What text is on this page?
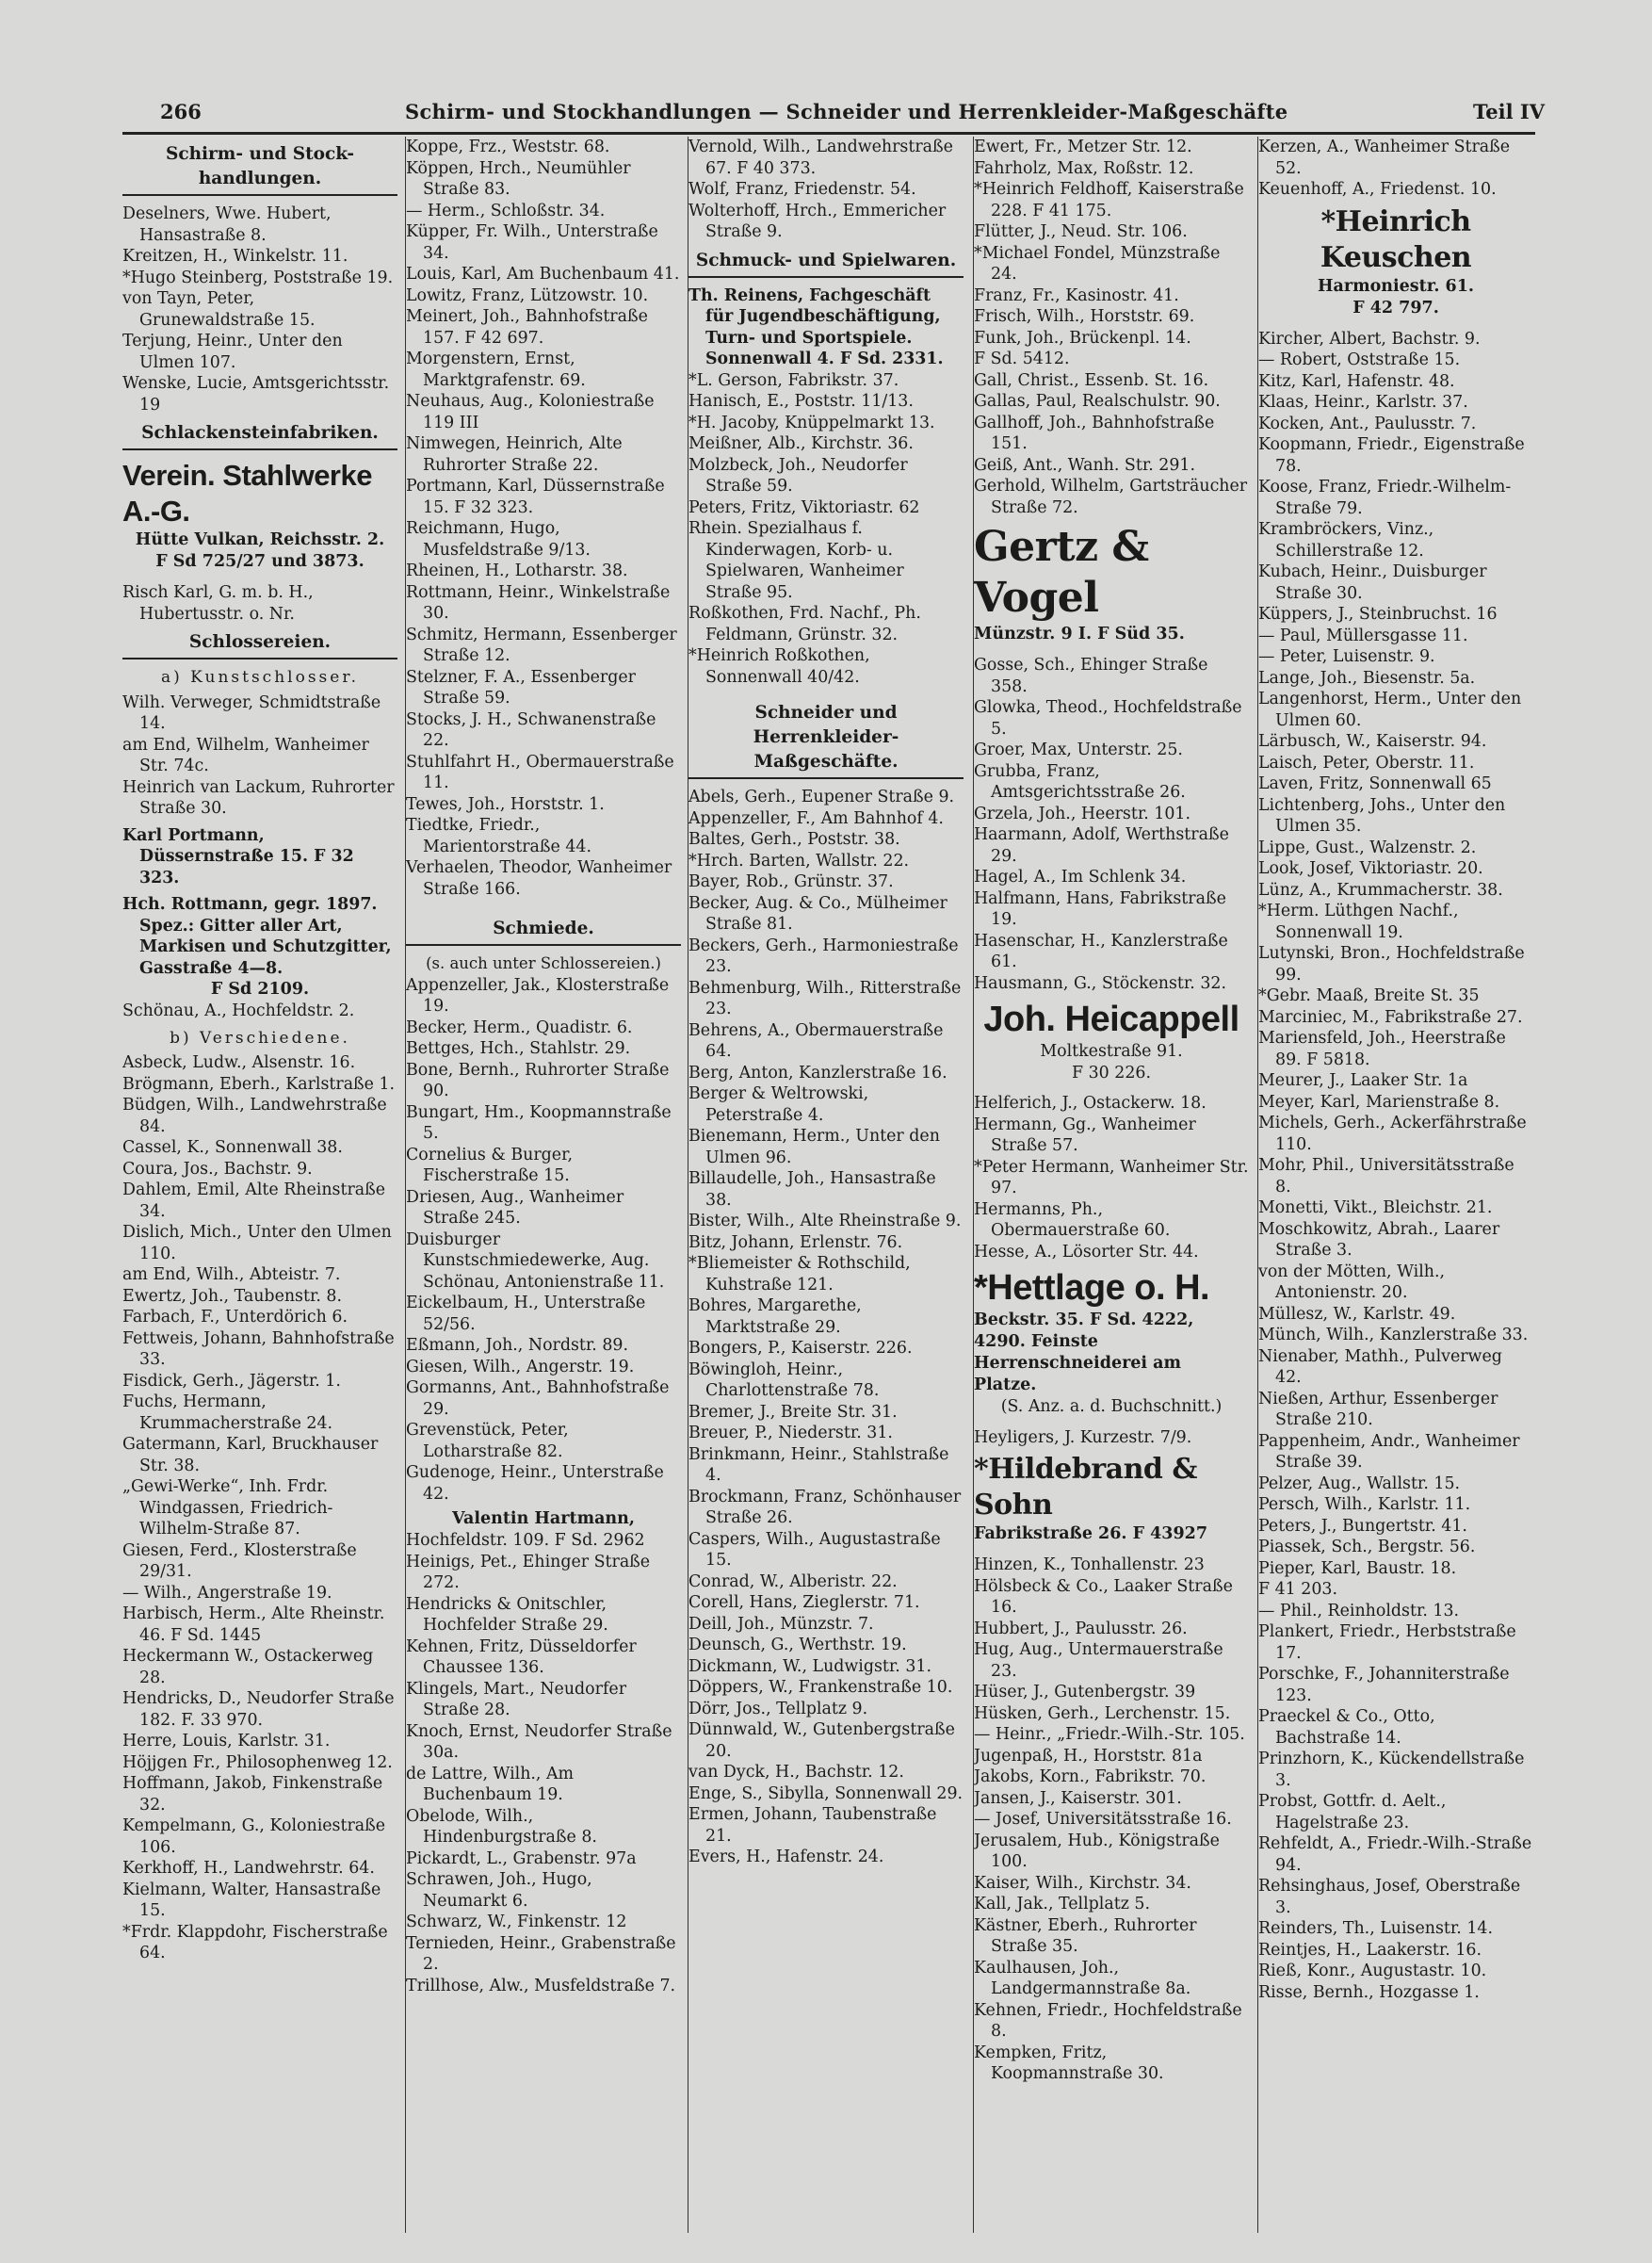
266	Schirm- und Stockhandlungen — Schneider und Herrenkleider-Maßgeschäfte	Teil IV
Schirm- und Stock-handlungen.
Deselners, Wwe. Hubert, Hansastraße 8.
Kreitzen, H., Winkelstr. 11.
*Hugo Steinberg, Poststraße 19.
von Tayn, Peter, Grunewaldstraße 15.
Terjung, Heinr., Unter den Ulmen 107.
Wenske, Lucie, Amtsgerichtsstr. 19
Schlackensteinfabriken.
Verein. Stahlwerke A.-G.
Hütte Vulkan, Reichsstr. 2.
F Sd 725/27 und 3873.
Risch Karl, G. m. b. H., Hubertusstr. o. Nr.
Schlossereien.
a) Kunstschlosser.
Wilh. Verweger, Schmidtstraße 14.
am End, Wilhelm, Wanheimer Str. 74c.
Heinrich van Lackum, Ruhrorter Straße 30.
Karl Portmann, Düssernstraße 15. F 32 323.
Hch. Rottmann, gegr. 1897. Spez.: Gitter aller Art, Markisen und Schutzgitter, Gasstraße 4—8.
F Sd 2109.
Schönau, A., Hochfeldstr. 2.
b) Verschiedene.
Asbeck, Ludw., Alsenstr. 16.
Brögmann, Eberh., Karlstraße 1.
Büdgen, Wilh., Landwehrstraße 84.
Cassel, K., Sonnenwall 38.
Coura, Jos., Bachstr. 9.
Dahlem, Emil, Alte Rheinstraße 34.
Dislich, Mich., Unter den Ulmen 110.
am End, Wilh., Abteistr. 7.
Ewertz, Joh., Taubenstr. 8.
Farbach, F., Unterdörich 6.
Fettweis, Johann, Bahnhofstraße 33.
Fisdick, Gerh., Jägerstr. 1.
Fuchs, Hermann, Krummacherstraße 24.
Gatermann, Karl, Bruckhauser Str. 38.
„Gewi-Werke“, Inh. Frdr. Windgassen, Friedrich-Wilhelm-Straße 87.
Giesen, Ferd., Klosterstraße 29/31.
— Wilh., Angerstraße 19.
Harbisch, Herm., Alte Rheinstr. 46. F Sd. 1445
Heckermann W., Ostackerweg 28.
Hendricks, D., Neudorfer Straße 182. F. 33 970.
Herre, Louis, Karlstr. 31.
Höjjgen Fr., Philosophenweg 12.
Hoffmann, Jakob, Finkenstraße 32.
Kempelmann, G., Koloniestraße 106.
Kerkhoff, H., Landwehrstr. 64.
Kielmann, Walter, Hansastraße 15.
*Frdr. Klappdohr, Fischerstraße 64.
Koppe, Frz., Weststr. 68.
Köppen, Hrch., Neumühler Straße 83.
— Herm., Schloßstr. 34.
Küpper, Fr. Wilh., Unterstraße 34.
Louis, Karl, Am Buchenbaum 41.
Lowitz, Franz, Lützowstr. 10.
Meinert, Joh., Bahnhofstraße 157. F 42 697.
Morgenstern, Ernst, Marktgrafenstr. 69.
Neuhaus, Aug., Koloniestraße 119 III
Nimwegen, Heinrich, Alte Ruhrorter Straße 22.
Portmann, Karl, Düssernstraße 15. F 32 323.
Reichmann, Hugo, Musfeldstraße 9/13.
Rheinen, H., Lotharstr. 38.
Rottmann, Heinr., Winkelstraße 30.
Schmitz, Hermann, Essenberger Straße 12.
Stelzner, F. A., Essenberger Straße 59.
Stocks, J. H., Schwanenstraße 22.
Stuhlfahrt H., Obermauerstraße 11.
Tewes, Joh., Horststr. 1.
Tiedtke, Friedr., Marientorstraße 44.
Verhaelen, Theodor, Wanheimer Straße 166.
Schmiede.
(s. auch unter Schlossereien.)
Appenzeller, Jak., Klosterstraße 19.
Becker, Herm., Quadistr. 6.
Bettges, Hch., Stahlstr. 29.
Bone, Bernh., Ruhrorter Straße 90.
Bungart, Hm., Koopmannstraße 5.
Cornelius & Burger, Fischerstraße 15.
Driesen, Aug., Wanheimer Straße 245.
Duisburger Kunstschmiedewerke, Aug. Schönau, Antonienstraße 11.
Eickelbaum, H., Unterstraße 52/56.
Eßmann, Joh., Nordstr. 89.
Giesen, Wilh., Angerstr. 19.
Gormanns, Ant., Bahnhofstraße 29.
Grevenstück, Peter, Lotharstraße 82.
Gudenoge, Heinr., Unterstraße 42.
Valentin Hartmann,
Hochfeldstr. 109. F Sd. 2962
Heinigs, Pet., Ehinger Straße 272.
Hendricks & Onitschler, Hochfelder Straße 29.
Kehnen, Fritz, Düsseldorfer Chaussee 136.
Klingels, Mart., Neudorfer Straße 28.
Knoch, Ernst, Neudorfer Straße 30a.
de Lattre, Wilh., Am Buchenbaum 19.
Obelode, Wilh., Hindenburgstraße 8.
Pickardt, L., Grabenstr. 97a
Schrawen, Joh., Hugo, Neumarkt 6.
Schwarz, W., Finkenstr. 12
Ternieden, Heinr., Grabenstraße 2.
Trillhose, Alw., Musfeldstraße 7.
Vernold, Wilh., Landwehrstraße 67. F 40 373.
Wolf, Franz, Friedenstr. 54.
Wolterhoff, Hrch., Emmericher Straße 9.
Schmuck- und Spielwaren.
Th. Reinens, Fachgeschäft für Jugendbeschäftigung, Turn- und Sportspiele. Sonnenwall 4. F Sd. 2331.
*L. Gerson, Fabrikstr. 37.
Hanisch, E., Poststr. 11/13.
*H. Jacoby, Knüppelmarkt 13.
Meißner, Alb., Kirchstr. 36.
Molzbeck, Joh., Neudorfer Straße 59.
Peters, Fritz, Viktoriastr. 62
Rhein. Spezialhaus f. Kinderwagen, Korb- u. Spielwaren, Wanheimer Straße 95.
Roßkothen, Frd. Nachf., Ph. Feldmann, Grünstr. 32.
*Heinrich Roßkothen, Sonnenwall 40/42.
Schneider und Herrenkleider-Maßgeschäfte.
Abels, Gerh., Eupener Straße 9.
Appenzeller, F., Am Bahnhof 4.
Baltes, Gerh., Poststr. 38.
*Hrch. Barten, Wallstr. 22.
Bayer, Rob., Grünstr. 37.
Becker, Aug. & Co., Mülheimer Straße 81.
Beckers, Gerh., Harmoniestraße 23.
Behmenburg, Wilh., Ritterstraße 23.
Behrens, A., Obermauerstraße 64.
Berg, Anton, Kanzlerstraße 16.
Berger & Weltrowski, Peterstraße 4.
Bienemann, Herm., Unter den Ulmen 96.
Billaudelle, Joh., Hansastraße 38.
Bister, Wilh., Alte Rheinstraße 9.
Bitz, Johann, Erlenstr. 76.
*Bliemeister & Rothschild, Kuhstraße 121.
Bohres, Margarethe, Marktstraße 29.
Bongers, P., Kaiserstr. 226.
Böwingloh, Heinr., Charlottenstraße 78.
Bremer, J., Breite Str. 31.
Breuer, P., Niederstr. 31.
Brinkmann, Heinr., Stahlstraße 4.
Brockmann, Franz, Schönhauser Straße 26.
Caspers, Wilh., Augustastraße 15.
Conrad, W., Alberistr. 22.
Corell, Hans, Zieglerstr. 71.
Deill, Joh., Münzstr. 7.
Deunsch, G., Werthstr. 19.
Dickmann, W., Ludwigstr. 31.
Döppers, W., Frankenstraße 10.
Dörr, Jos., Tellplatz 9.
Dünnwald, W., Gutenbergstraße 20.
van Dyck, H., Bachstr. 12.
Enge, S., Sibylla, Sonnenwall 29.
Ermen, Johann, Taubenstraße 21.
Evers, H., Hafenstr. 24.
Ewert, Fr., Metzer Str. 12.
Fahrholz, Max, Roßstr. 12.
*Heinrich Feldhoff, Kaiserstraße 228. F 41 175.
Flütter, J., Neud. Str. 106.
*Michael Fondel, Münzstraße 24.
Franz, Fr., Kasinostr. 41.
Frisch, Wilh., Horststr. 69.
Funk, Joh., Brückenpl. 14.
F Sd. 5412.
Gall, Christ., Essenb. St. 16.
Gallas, Paul, Realschulstr. 90.
Gallhoff, Joh., Bahnhofstraße 151.
Geiß, Ant., Wanh. Str. 291.
Gerhold, Wilhelm, Gartsträucher Straße 72.
Gertz & Vogel
Münzstr. 9 I. F Süd 35.
Gosse, Sch., Ehinger Straße 358.
Glowka, Theod., Hochfeldstraße 5.
Groer, Max, Unterstr. 25.
Grubba, Franz, Amtsgerichtsstraße 26.
Grzela, Joh., Heerstr. 101.
Haarmann, Adolf, Werthstraße 29.
Hagel, A., Im Schlenk 34.
Halfmann, Hans, Fabrikstraße 19.
Hasenschar, H., Kanzlerstraße 61.
Hausmann, G., Stöckenstr. 32.
Joh. Heicappell
Moltkestraße 91.
F 30 226.
Helferich, J., Ostackerw. 18.
Hermann, Gg., Wanheimer Straße 57.
*Peter Hermann, Wanheimer Str. 97.
Hermanns, Ph., Obermauerstraße 60.
Hesse, A., Lösorter Str. 44.
*Hettlage o. H.
Beckstr. 35. F Sd. 4222, 4290. Feinste Herrenschneiderei am Platze.
(S. Anz. a. d. Buchschnitt.)
Heyligers, J. Kurzestr. 7/9.
*Hildebrand & Sohn
Fabrikstraße 26. F 43927
Hinzen, K., Tonhallenstr. 23
Hölsbeck & Co., Laaker Straße 16.
Hubbert, J., Paulusstr. 26.
Hug, Aug., Untermauerstraße 23.
Hüser, J., Gutenbergstr. 39
Hüsken, Gerh., Lerchenstr. 15.
— Heinr., „Friedr.-Wilh.-Str. 105.
Jugenpaß, H., Horststr. 81a
Jakobs, Korn., Fabrikstr. 70.
Jansen, J., Kaiserstr. 301.
— Josef, Universitätsstraße 16.
Jerusalem, Hub., Königstraße 100.
Kaiser, Wilh., Kirchstr. 34.
Kall, Jak., Tellplatz 5.
Kästner, Eberh., Ruhrorter Straße 35.
Kaulhausen, Joh., Landgermannstraße 8a.
Kehnen, Friedr., Hochfeldstraße 8.
Kempken, Fritz, Koopmannstraße 30.
Kerzen, A., Wanheimer Straße 52.
Keuenhoff, A., Friedenst. 10.
*Heinrich Keuschen
Harmoniestr. 61.
F 42 797.
Kircher, Albert, Bachstr. 9.
— Robert, Oststraße 15.
Kitz, Karl, Hafenstr. 48.
Klaas, Heinr., Karlstr. 37.
Kocken, Ant., Paulusstr. 7.
Koopmann, Friedr., Eigenstraße 78.
Koose, Franz, Friedr.-Wilhelm-Straße 79.
Krambröckers, Vinz., Schillerstraße 12.
Kubach, Heinr., Duisburger Straße 30.
Küppers, J., Steinbruchst. 16
— Paul, Müllersgasse 11.
— Peter, Luisenstr. 9.
Lange, Joh., Biesenstr. 5a.
Langenhorst, Herm., Unter den Ulmen 60.
Lärbusch, W., Kaiserstr. 94.
Laisch, Peter, Oberstr. 11.
Laven, Fritz, Sonnenwall 65
Lichtenberg, Johs., Unter den Ulmen 35.
Lippe, Gust., Walzenstr. 2.
Look, Josef, Viktoriastr. 20.
Lünz, A., Krummacherstr. 38.
*Herm. Lüthgen Nachf., Sonnenwall 19.
Lutynski, Bron., Hochfeldstraße 99.
*Gebr. Maaß, Breite St. 35
Marciniec, M., Fabrikstraße 27.
Mariensfeld, Joh., Heerstraße 89. F 5818.
Meurer, J., Laaker Str. 1a
Meyer, Karl, Marienstraße 8.
Michels, Gerh., Ackerfährstraße 110.
Mohr, Phil., Universitätsstraße 8.
Monetti, Vikt., Bleichstr. 21.
Moschkowitz, Abrah., Laarer Straße 3.
von der Mötten, Wilh., Antonienstr. 20.
Müllesz, W., Karlstr. 49.
Münch, Wilh., Kanzlerstraße 33.
Nienaber, Mathh., Pulverweg 42.
Nießen, Arthur, Essenberger Straße 210.
Pappenheim, Andr., Wanheimer Straße 39.
Pelzer, Aug., Wallstr. 15.
Persch, Wilh., Karlstr. 11.
Peters, J., Bungertstr. 41.
Piassek, Sch., Bergstr. 56.
Pieper, Karl, Baustr. 18.
F 41 203.
— Phil., Reinholdstr. 13.
Plankert, Friedr., Herbststraße 17.
Porschke, F., Johanniterstraße 123.
Praeckel & Co., Otto, Bachstraße 14.
Prinzhorn, K., Kückendellstraße 3.
Probst, Gottfr. d. Aelt., Hagelstraße 23.
Rehfeldt, A., Friedr.-Wilh.-Straße 94.
Rehsinghaus, Josef, Oberstraße 3.
Reinders, Th., Luisenstr. 14.
Reintjes, H., Laakerstr. 16.
Rieß, Konr., Augustastr. 10.
Risse, Bernh., Hozgasse 1.
